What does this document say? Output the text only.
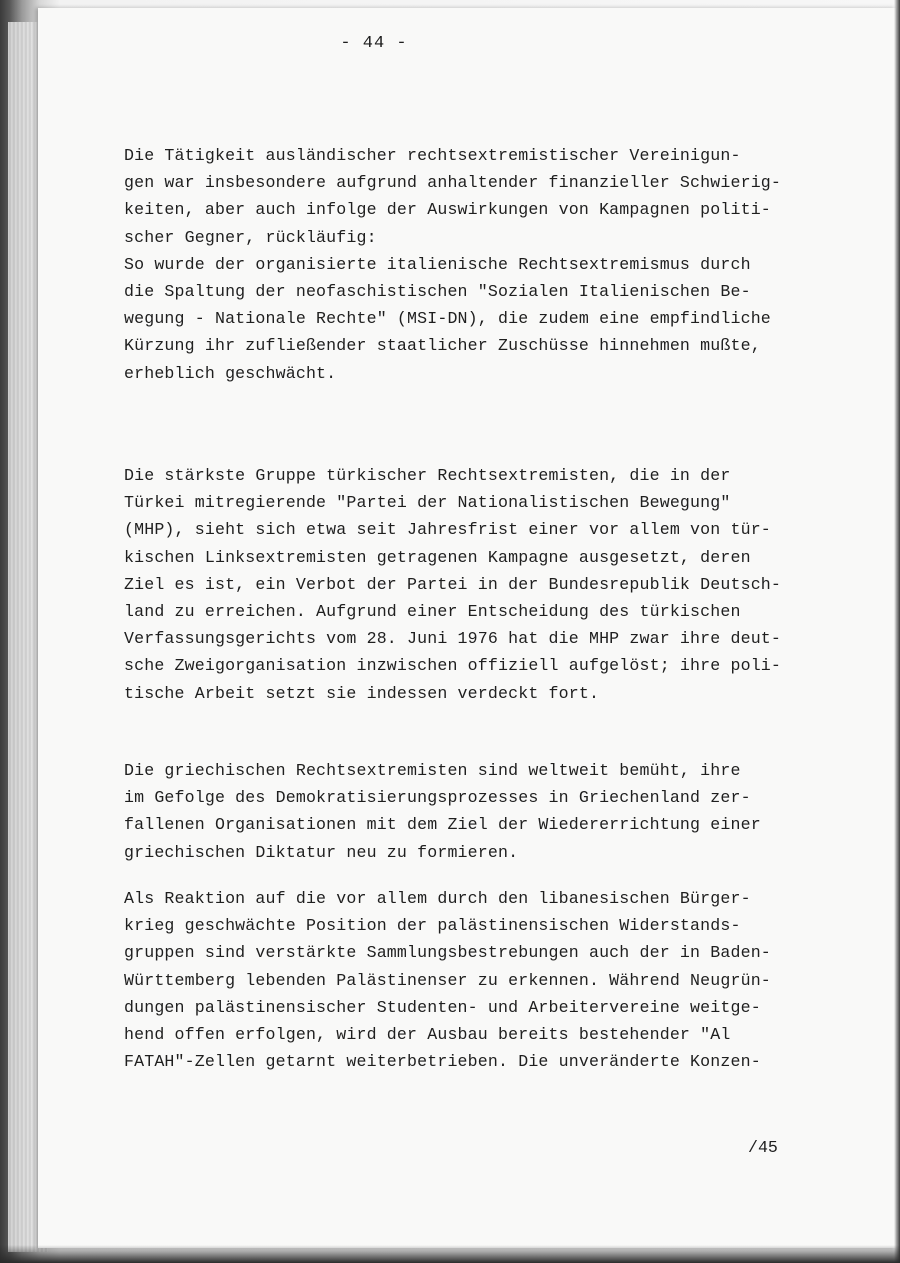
- 44 -
Die Tätigkeit ausländischer rechtsextremistischer Vereinigun-
gen war insbesondere aufgrund anhaltender finanzieller Schwierig-
keiten, aber auch infolge der Auswirkungen von Kampagnen politi-
scher Gegner, rückläufig:
So wurde der organisierte italienische Rechtsextremismus durch
die Spaltung der neofaschistischen "Sozialen Italienischen Be-
wegung - Nationale Rechte" (MSI-DN), die zudem eine empfindliche
Kürzung ihr zufließender staatlicher Zuschüsse hinnehmen mußte,
erheblich geschwächt.
Die stärkste Gruppe türkischer Rechtsextremisten, die in der
Türkei mitregierende "Partei der Nationalistischen Bewegung"
(MHP), sieht sich etwa seit Jahresfrist einer vor allem von tür-
kischen Linksextremisten getragenen Kampagne ausgesetzt, deren
Ziel es ist, ein Verbot der Partei in der Bundesrepublik Deutsch-
land zu erreichen. Aufgrund einer Entscheidung des türkischen
Verfassungsgerichts vom 28. Juni 1976 hat die MHP zwar ihre deut-
sche Zweigorganisation inzwischen offiziell aufgelöst; ihre poli-
tische Arbeit setzt sie indessen verdeckt fort.
Die griechischen Rechtsextremisten sind weltweit bemüht, ihre
im Gefolge des Demokratisierungsprozesses in Griechenland zer-
fallenen Organisationen mit dem Ziel der Wiedererrichtung einer
griechischen Diktatur neu zu formieren.
Als Reaktion auf die vor allem durch den libanesischen Bürger-
krieg geschwächte Position der palästinensischen Widerstands-
gruppen sind verstärkte Sammlungsbestrebungen auch der in Baden-
Württemberg lebenden Palästinenser zu erkennen. Während Neugrün-
dungen palästinensischer Studenten- und Arbeitervereine weitge-
hend offen erfolgen, wird der Ausbau bereits bestehender "Al
FATAH"-Zellen getarnt weiterbetrieben. Die unveränderte Konzen-
/45
